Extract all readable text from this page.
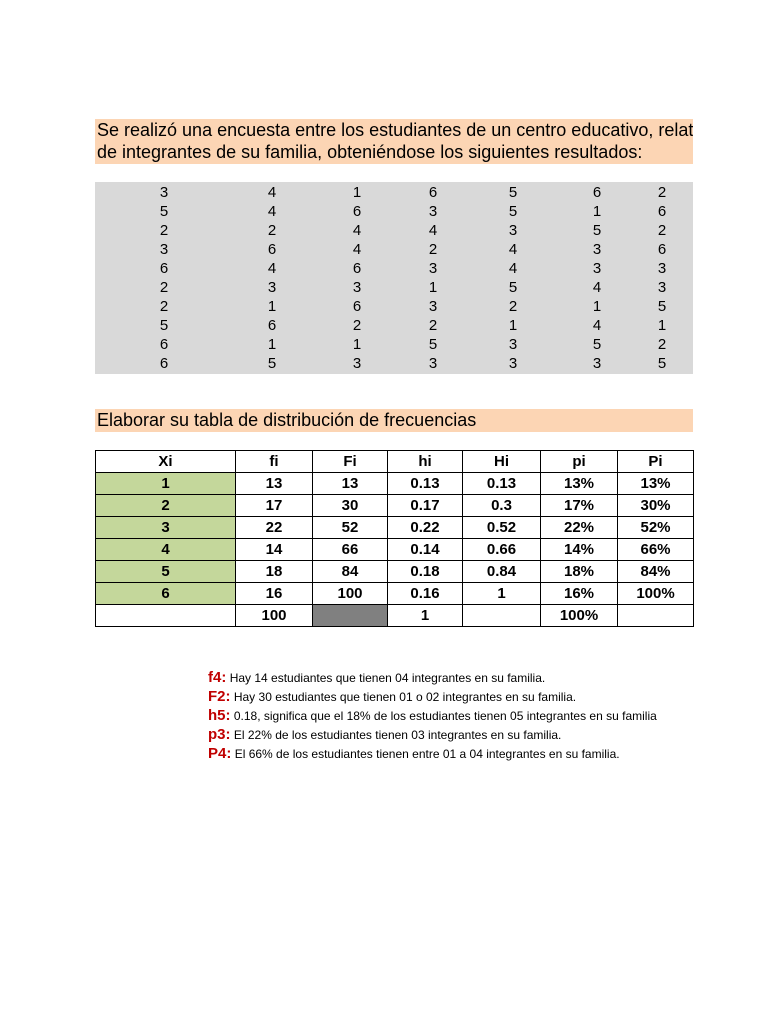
Se realizó una encuesta entre los estudiantes de un centro educativo, relat
de integrantes de su familia, obteniéndose los siguientes resultados:
3	4	1	6	5	6	2
5	4	6	3	5	1	6
2	2	4	4	3	5	2
3	6	4	2	4	3	6
6	4	6	3	4	3	3
2	3	3	1	5	4	3
2	1	6	3	2	1	5
5	6	2	2	1	4	1
6	1	1	5	3	5	2
6	5	3	3	3	3	5
Elaborar su tabla de distribución de frecuencias
Xi	fi	Fi	hi	Hi	pi	Pi
1	13	13	0.13	0.13	13%	13%
2	17	30	0.17	0.3	17%	30%
3	22	52	0.22	0.52	22%	52%
4	14	66	0.14	0.66	14%	66%
5	18	84	0.18	0.84	18%	84%
6	16	100	0.16	1	16%	100%
	100		1		100%	
f4: Hay 14 estudiantes que tienen 04 integrantes en su familia.
F2: Hay 30 estudiantes que tienen 01 o 02 integrantes en su familia.
h5: 0.18, significa que el 18% de los estudiantes tienen 05 integrantes en su familia
p3: El 22% de los estudiantes tienen 03 integrantes en su familia.
P4: El 66% de los estudiantes tienen entre 01 a 04 integrantes en su familia.
